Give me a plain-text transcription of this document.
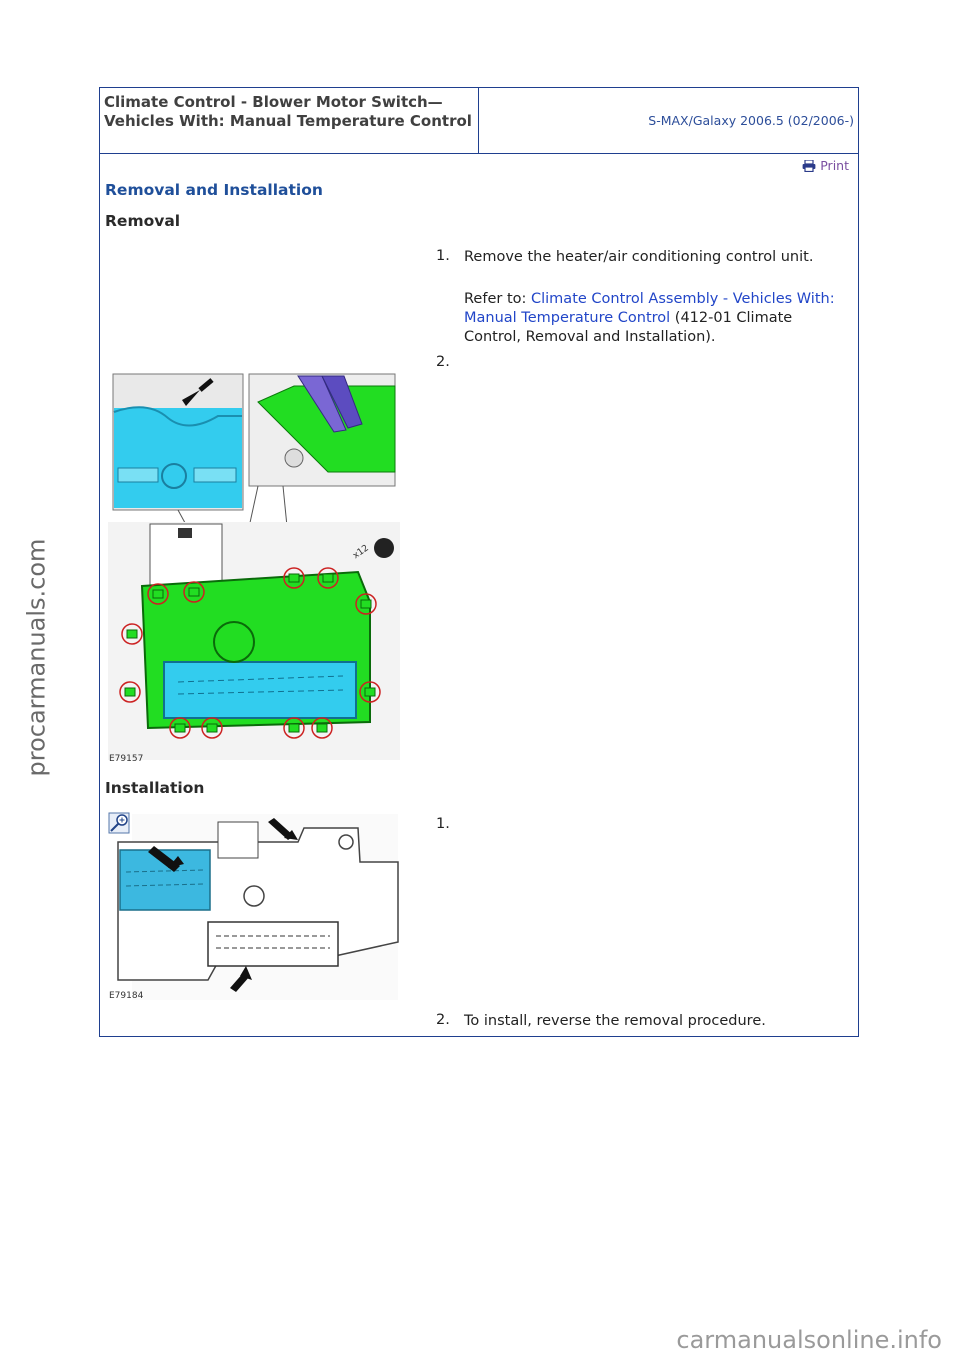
Climate Control - Blower Motor Switch— Vehicles With: Manual Temperature Control	S-MAX/Galaxy 2006.5 (02/2006-)
Print
Removal and Installation
Removal
1. Remove the heater/air conditioning control unit.
Refer to: Climate Control Assembly - Vehicles With: Manual Temperature Control (412-01 Climate Control, Removal and Installation).
2.
x12
E79157
Installation
1.
E79184
2. To install, reverse the removal procedure.
procarmanuals.com
carmanualsonline.info
